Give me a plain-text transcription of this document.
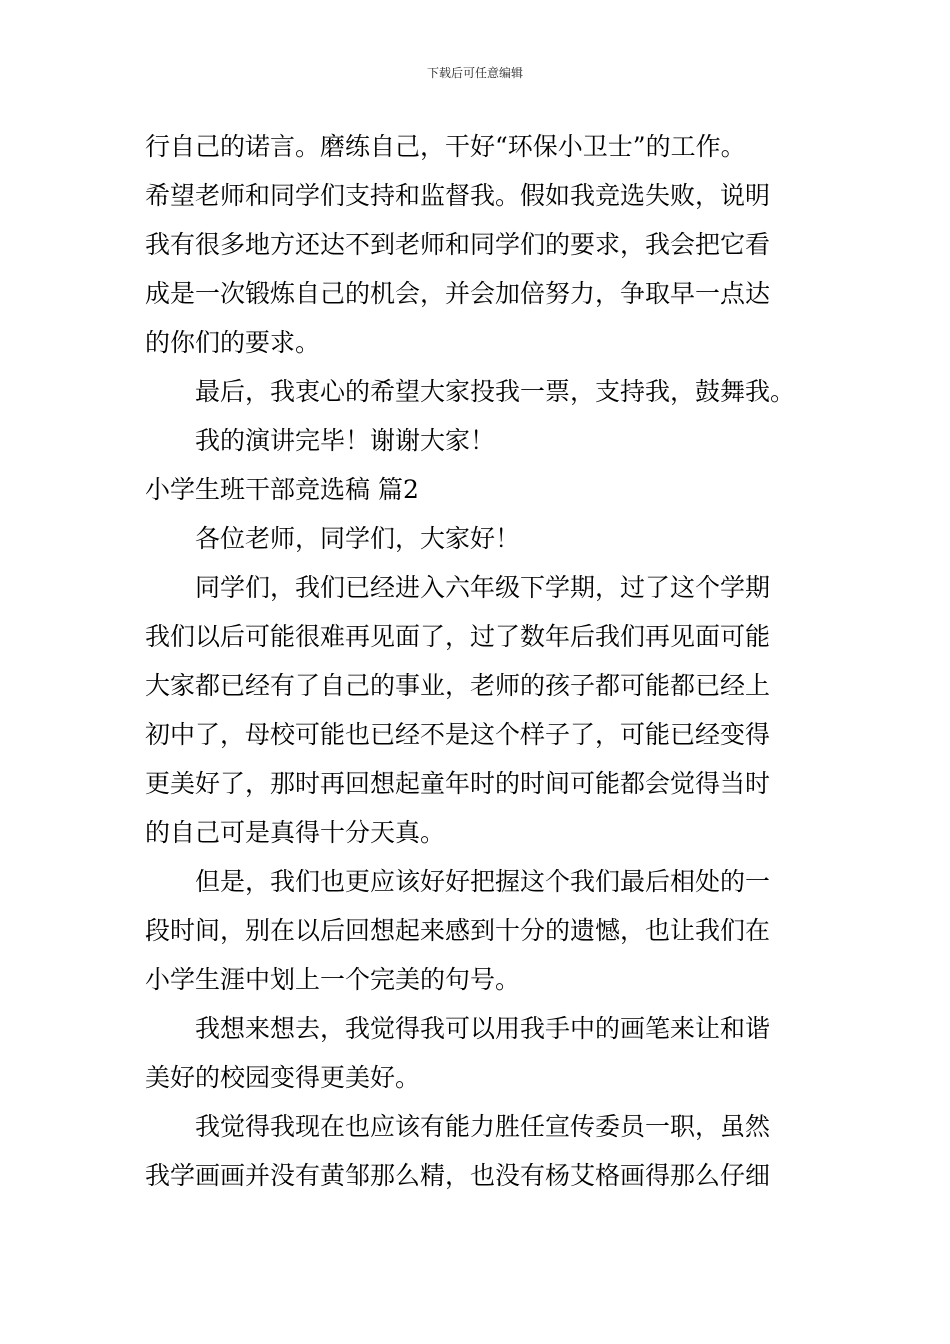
下载后可任意编辑
行自己的诺言。磨练自己，干好“环保小卫士”的工作。
希望老师和同学们支持和监督我。假如我竞选失败，说明
我有很多地方还达不到老师和同学们的要求，我会把它看
成是一次锻炼自己的机会，并会加倍努力，争取早一点达
的你们的要求。
最后，我衷心的希望大家投我一票，支持我，鼓舞我。
我的演讲完毕！谢谢大家！
小学生班干部竞选稿 篇2
各位老师，同学们，大家好！
同学们，我们已经进入六年级下学期，过了这个学期
我们以后可能很难再见面了，过了数年后我们再见面可能
大家都已经有了自己的事业，老师的孩子都可能都已经上
初中了，母校可能也已经不是这个样子了，可能已经变得
更美好了，那时再回想起童年时的时间可能都会觉得当时
的自己可是真得十分天真。
但是，我们也更应该好好把握这个我们最后相处的一
段时间，别在以后回想起来感到十分的遗憾，也让我们在
小学生涯中划上一个完美的句号。
我想来想去，我觉得我可以用我手中的画笔来让和谐
美好的校园变得更美好。
我觉得我现在也应该有能力胜任宣传委员一职，虽然
我学画画并没有黄邹那么精，也没有杨艾格画得那么仔细
